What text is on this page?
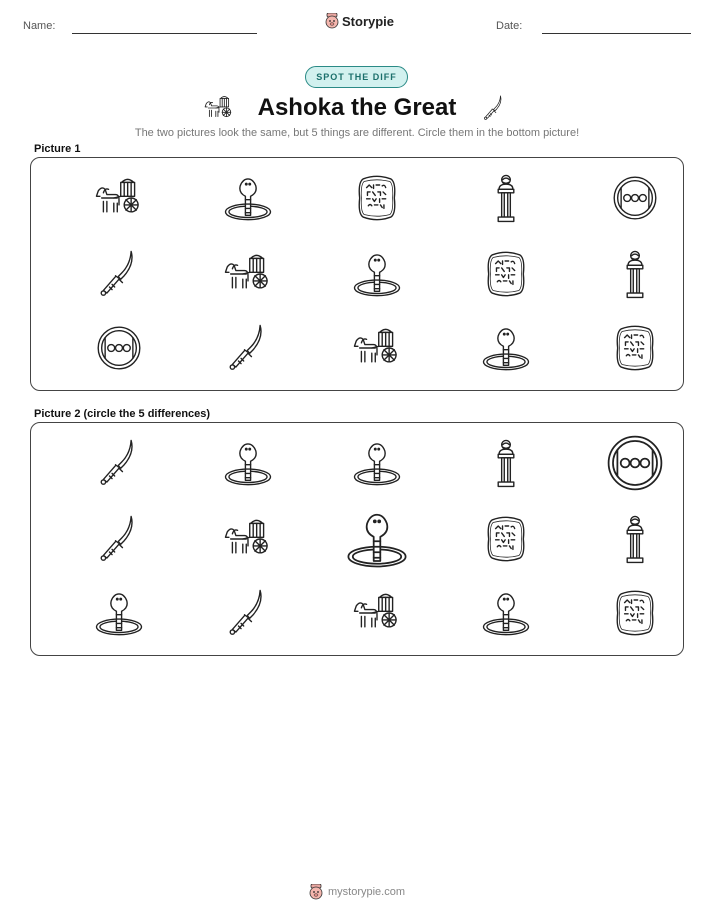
Name:	Storypie	Date:
SPOT THE DIFF
Ashoka the Great
The two pictures look the same, but 5 things are different. Circle them in the bottom picture!
Picture 1
Picture 2 (circle the 5 differences)
mystorypie.com
